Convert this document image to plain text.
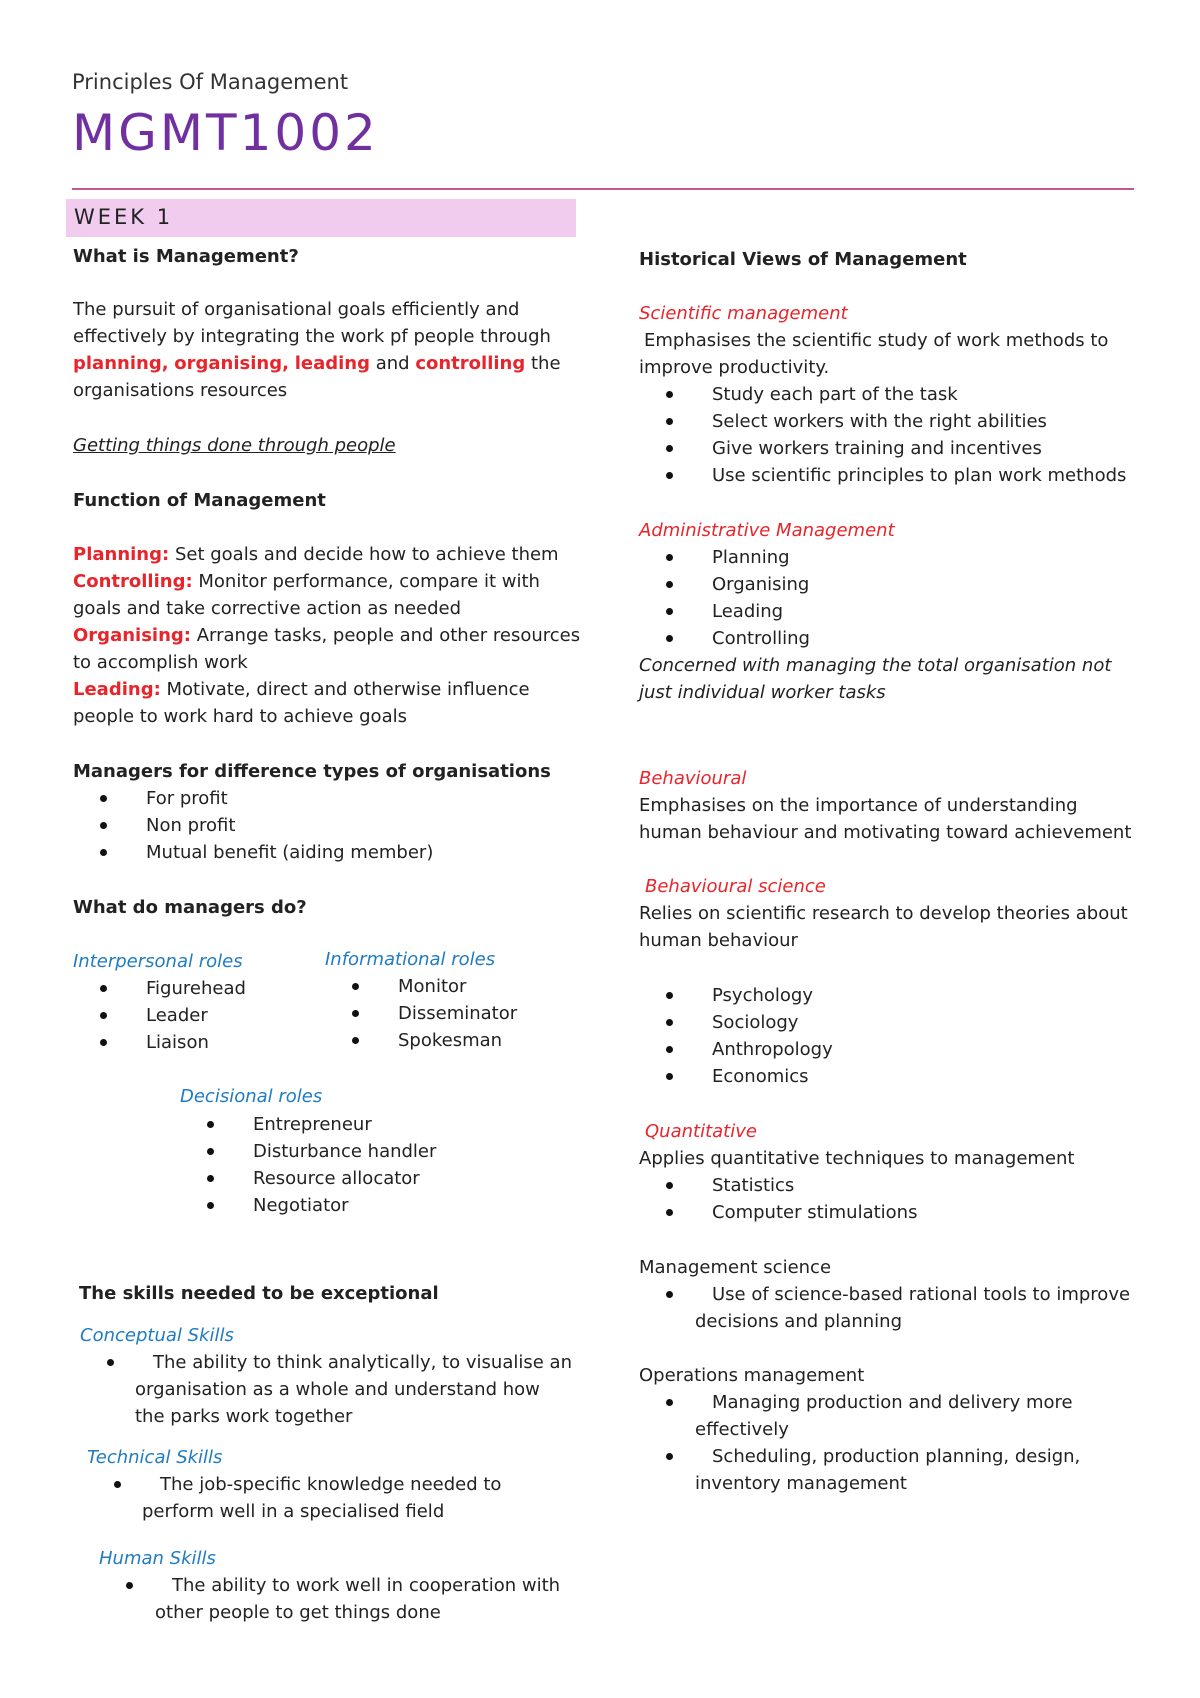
Principles Of Management
MGMT1002
WEEK 1
What is Management?
The pursuit of organisational goals efficiently and
effectively by integrating the work pf people through
planning, organising, leading and controlling the
organisations resources
Getting things done through people
Function of Management
Planning: Set goals and decide how to achieve them
Controlling: Monitor performance, compare it with
goals and take corrective action as needed
Organising: Arrange tasks, people and other resources
to accomplish work
Leading: Motivate, direct and otherwise influence
people to work hard to achieve goals
Managers for difference types of organisations
For profit
Non profit
Mutual benefit (aiding member)
What do managers do?
Interpersonal roles
Figurehead
Leader
Liaison
Informational roles
Monitor
Disseminator
Spokesman
Decisional roles
Entrepreneur
Disturbance handler
Resource allocator
Negotiator
The skills needed to be exceptional
Conceptual Skills
The ability to think analytically, to visualise an
organisation as a whole and understand how
the parks work together
Technical Skills
The job-specific knowledge needed to
perform well in a specialised field
Human Skills
The ability to work well in cooperation with
other people to get things done
Historical Views of Management
Scientific management
Emphasises the scientific study of work methods to
improve productivity.
Study each part of the task
Select workers with the right abilities
Give workers training and incentives
Use scientific principles to plan work methods
Administrative Management
Planning
Organising
Leading
Controlling
Concerned with managing the total organisation not
just individual worker tasks
Behavioural
Emphasises on the importance of understanding
human behaviour and motivating toward achievement
Behavioural science
Relies on scientific research to develop theories about
human behaviour
Psychology
Sociology
Anthropology
Economics
Quantitative
Applies quantitative techniques to management
Statistics
Computer stimulations
Management science
Use of science-based rational tools to improve
decisions and planning
Operations management
Managing production and delivery more
effectively
Scheduling, production planning, design,
inventory management
